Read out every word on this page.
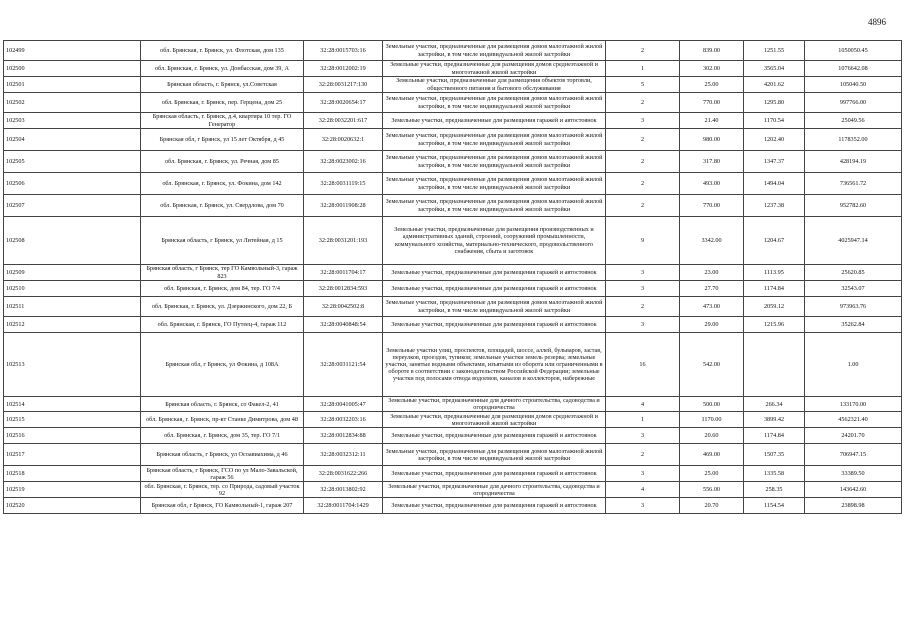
4896
102499	обл. Брянская, г. Брянск, ул. Флотская, дом 135	32:28:0015703:16	Земельные участки, предназначенные для размещения домов малоэтажной жилой застройки, в том числе индивидуальной жилой застройки	2	839.00	1251.55	1050050.45
102500	обл. Брянская, г. Брянск, ул. Донбасская, дом 39, А	32:28:0012002:19	Земельные участки, предназначенные для размещения домов среднеэтажной и многоэтажной жилой застройки	1	302.00	3565.04	1076642.08
102501	Брянская область, г. Брянск, ул.Советская	32:28:0031217:130	Земельные участки, предназначенные для размещения объектов торговли, общественного питания и бытового обслуживания	5	25.00	4201.62	105040.50
102502	обл. Брянская, г. Брянск, пер. Герцена, дом 25	32:28:0020654:17	Земельные участки, предназначенные для размещения домов малоэтажной жилой застройки, в том числе индивидуальной жилой застройки	2	770.00	1295.80	997766.00
102503	Брянская область, г. Брянск, д.4, квартира 10 тер. ГО Генератор	32:28:0032201:617	Земельные участки, предназначенные для размещения гаражей и автостоянок	3	21.40	1170.54	25049.56
102504	Брянская обл, г Брянск, ул 15 лет Октября, д 45	32:28:0020632:1	Земельные участки, предназначенные для размещения домов малоэтажной жилой застройки, в том числе индивидуальной жилой застройки	2	980.00	1202.40	1178352.00
102505	обл. Брянская, г. Брянск, ул. Речная, дом 85	32:28:0023002:16	Земельные участки, предназначенные для размещения домов малоэтажной жилой застройки, в том числе индивидуальной жилой застройки	2	317.80	1347.37	428194.19
102506	обл. Брянская, г. Брянск, ул. Фокина, дом 142	32:28:0031119:15	Земельные участки, предназначенные для размещения домов малоэтажной жилой застройки, в том числе индивидуальной жилой застройки	2	493.00	1494.04	736561.72
102507	обл. Брянская, г. Брянск, ул. Свердлова, дом 70	32:28:0011908:28	Земельные участки, предназначенные для размещения домов малоэтажной жилой застройки, в том числе индивидуальной жилой застройки	2	770.00	1237.38	952782.60
102508	Брянская область, г Брянск, ул Литейная, д 15	32:28:0031201:193	Земельные участки, предназначенные для размещения производственных и административных зданий, строений, сооружений промышленности, коммунального хозяйства, материально-технического, продовольственного снабжения, сбыта и заготовок	9	3342.00	1204.67	4025947.14
102509	Брянская область, г Брянск, тер ГО Камвольный-3, гараж 823	32:28:0011704:17	Земельные участки, предназначенные для размещения гаражей и автостоянок	3	23.00	1113.95	25620.85
102510	обл. Брянская, г. Брянск, дом 84, тер. ГО 7/4	32:28:0012834:593	Земельные участки, предназначенные для размещения гаражей и автостоянок	3	27.70	1174.84	32543.07
102511	обл. Брянская, г. Брянск, ул. Дзержинского, дом 22, Б	32:28:0042502:8	Земельные участки, предназначенные для размещения домов малоэтажной жилой застройки, в том числе индивидуальной жилой застройки	2	473.00	2059.12	973963.76
102512	обл. Брянская, г. Брянск, ГО Путеец-4, гараж 112	32:28:0040848:54	Земельные участки, предназначенные для размещения гаражей и автостоянок	3	29.00	1215.96	35262.84
102513	Брянская обл, г Брянск, ул Фокина, д 108А	32:28:0031121:54	Земельные участки улиц, проспектов, площадей, шоссе, аллей, бульваров, застав, переулков, проездов, тупиков; земельные участки земель резерва; земельные участки, занятые водными объектами, изъятыми из оборота или ограниченными в обороте в соответствии с законодательством Российской Федерации; земельные участки под полосами отвода водоемов, каналов и коллекторов, набережные	16	542.00		1.00
102514	Брянская область, г. Брянск, со Факел-2, 41	32:28:0041005:47	Земельные участки, предназначенные для дачного строительства, садоводства и огородничества	4	500.00	266.34	133170.00
102515	обл. Брянская, г. Брянск, пр-кт Станке Димитрова, дом 48	32:28:0032203:16	Земельные участки, предназначенные для размещения домов среднеэтажной и многоэтажной жилой застройки	1	1170.00	3899.42	4562321.40
102516	обл. Брянская, г. Брянск, дом 35, тер. ГО 7/1	32:28:0012834:88	Земельные участки, предназначенные для размещения гаражей и автостоянок	3	20.60	1174.84	24201.70
102517	Брянская область, г Брянск, ул Осоавиахима, д 46	32:28:0032312:11	Земельные участки, предназначенные для размещения домов малоэтажной жилой застройки, в том числе индивидуальной жилой застройки	2	469.00	1507.35	706947.15
102518	Брянская область, г Брянск, ГСО по ул Мало-Завальской, гараж 56	32:28:0031622:266	Земельные участки, предназначенные для размещения гаражей и автостоянок	3	25.00	1335.58	33389.50
102519	обл. Брянская, г. Брянск, тер. со Природа, садовый участок 92	32:28:0013802:92	Земельные участки, предназначенные для дачного строительства, садоводства и огородничества	4	556.00	258.35	143642.60
102520	Брянская обл, г Брянск, ГО Камвольный-1, гараж 207	32:28:0011704:1429	Земельные участки, предназначенные для размещения гаражей и автостоянок	3	20.70	1154.54	23898.98
